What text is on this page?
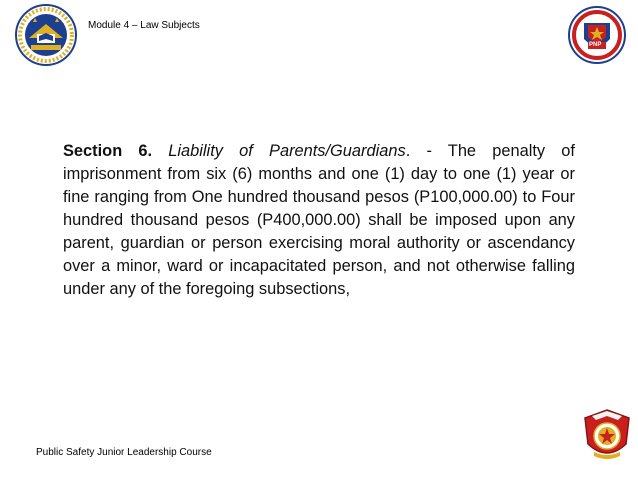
PNP
Module 4 – Law Subjects
Section 6. Liability of Parents/Guardians. - The penalty of imprisonment from six (6) months and one (1) day to one (1) year or fine ranging from One hundred thousand pesos (P100,000.00) to Four hundred thousand pesos (P400,000.00) shall be imposed upon any parent, guardian or person exercising moral authority or ascendancy over a minor, ward or incapacitated person, and not otherwise falling under any of the foregoing subsections,
Public Safety Junior Leadership Course
